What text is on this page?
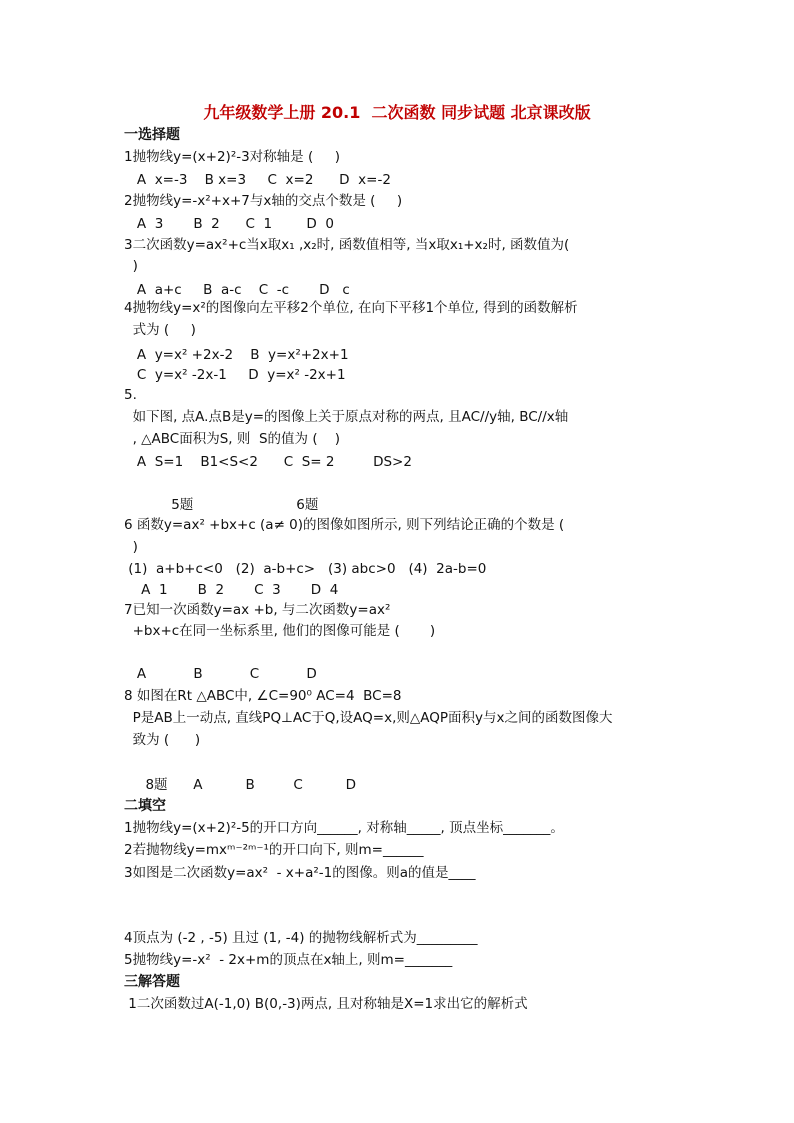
九年级数学上册 20.1  二次函数 同步试题 北京课改版
一选择题
1抛物线y=(x+2)²-3对称轴是 (     )
A  x=-3    B x=3     C  x=2      D  x=-2
2抛物线y=-x²+x+7与x轴的交点个数是 (     )
A  3       B  2      C  1        D  0
3二次函数y=ax²+c当x取x₁ ,x₂时, 函数值相等, 当x取x₁+x₂时, 函数值为(
)
A  a+c     B  a-c    C  -c       D   c
4抛物线y=x²的图像向左平移2个单位, 在向下平移1个单位, 得到的函数解析
式为 (     )
A  y=x² +2x-2    B  y=x²+2x+1
C  y=x² -2x-1     D  y=x² -2x+1
5.
如下图, 点A.点B是y=的图像上关于原点对称的两点, 且AC//y轴, BC//x轴
, △ABC面积为S, 则  S的值为 (    )
A  S=1    B1<S<2      C  S= 2         DS>2
5题                        6题
6 函数y=ax² +bx+c (a≠ 0)的图像如图所示, 则下列结论正确的个数是 (
)
(1)  a+b+c<0   (2)  a-b+c>   (3) abc>0   (4)  2a-b=0
A  1       B  2       C  3       D  4
7已知一次函数y=ax +b, 与二次函数y=ax²
+bx+c在同一坐标系里, 他们的图像可能是 (       )
A           B           C           D
8 如图在Rt △ABC中, ∠C=90⁰ AC=4  BC=8
P是AB上一动点, 直线PQ⊥AC于Q,设AQ=x,则△AQP面积y与x之间的函数图像大
致为 (      )
8题      A          B         C          D
二填空
1抛物线y=(x+2)²-5的开口方向______, 对称轴_____, 顶点坐标_______。
2若抛物线y=mxᵐ⁻²ᵐ⁻¹的开口向下, 则m=______
3如图是二次函数y=ax²  - x+a²-1的图像。则a的值是____
4顶点为 (-2 , -5) 且过 (1, -4) 的抛物线解析式为_________
5抛物线y=-x²  - 2x+m的顶点在x轴上, 则m=_______
三解答题
1二次函数过A(-1,0) B(0,-3)两点, 且对称轴是X=1求出它的解析式
